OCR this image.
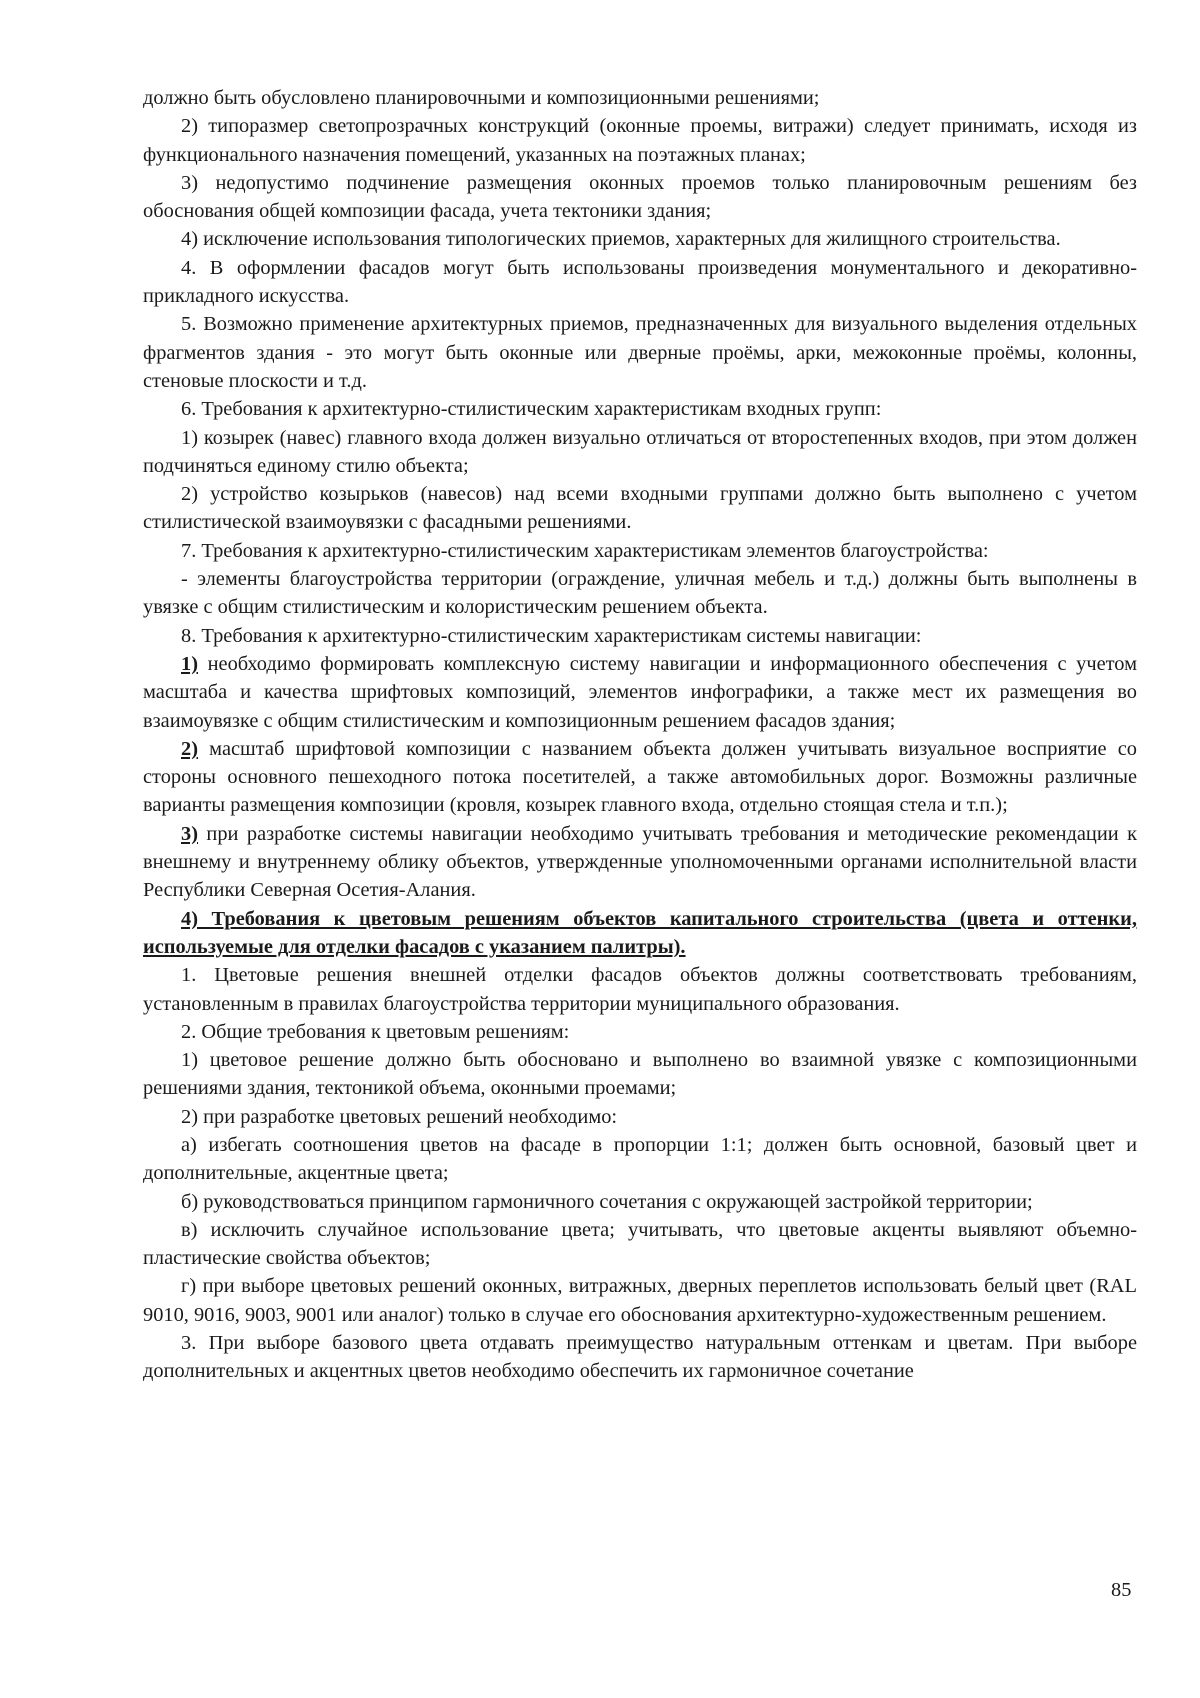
должно быть обусловлено планировочными и композиционными решениями;

2) типоразмер светопрозрачных конструкций (оконные проемы, витражи) следует принимать, исходя из функционального назначения помещений, указанных на поэтажных планах;

3) недопустимо подчинение размещения оконных проемов только планировочным решениям без обоснования общей композиции фасада, учета тектоники здания;

4) исключение использования типологических приемов, характерных для жилищного строительства.

4. В оформлении фасадов могут быть использованы произведения монументального и декоративно-прикладного искусства.

5. Возможно применение архитектурных приемов, предназначенных для визуального выделения отдельных фрагментов здания - это могут быть оконные или дверные проёмы, арки, межоконные проёмы, колонны, стеновые плоскости и т.д.

6. Требования к архитектурно-стилистическим характеристикам входных групп:

1) козырек (навес) главного входа должен визуально отличаться от второстепенных входов, при этом должен подчиняться единому стилю объекта;

2) устройство козырьков (навесов) над всеми входными группами должно быть выполнено с учетом стилистической взаимоувязки с фасадными решениями.

7. Требования к архитектурно-стилистическим характеристикам элементов благоустройства:

- элементы благоустройства территории (ограждение, уличная мебель и т.д.) должны быть выполнены в увязке с общим стилистическим и колористическим решением объекта.

8. Требования к архитектурно-стилистическим характеристикам системы навигации:

1) необходимо формировать комплексную систему навигации и информационного обеспечения с учетом масштаба и качества шрифтовых композиций, элементов инфографики, а также мест их размещения во взаимоувязке с общим стилистическим и композиционным решением фасадов здания;

2) масштаб шрифтовой композиции с названием объекта должен учитывать визуальное восприятие со стороны основного пешеходного потока посетителей, а также автомобильных дорог. Возможны различные варианты размещения композиции (кровля, козырек главного входа, отдельно стоящая стела и т.п.);

3) при разработке системы навигации необходимо учитывать требования и методические рекомендации к внешнему и внутреннему облику объектов, утвержденные уполномоченными органами исполнительной власти Республики Северная Осетия-Алания.

4) Требования к цветовым решениям объектов капитального строительства (цвета и оттенки, используемые для отделки фасадов с указанием палитры).

1. Цветовые решения внешней отделки фасадов объектов должны соответствовать требованиям, установленным в правилах благоустройства территории муниципального образования.

2. Общие требования к цветовым решениям:

1) цветовое решение должно быть обосновано и выполнено во взаимной увязке с композиционными решениями здания, тектоникой объема, оконными проемами;

2) при разработке цветовых решений необходимо:

а) избегать соотношения цветов на фасаде в пропорции 1:1; должен быть основной, базовый цвет и дополнительные, акцентные цвета;

б) руководствоваться принципом гармоничного сочетания с окружающей застройкой территории;

в) исключить случайное использование цвета; учитывать, что цветовые акценты выявляют объемно-пластические свойства объектов;

г) при выборе цветовых решений оконных, витражных, дверных переплетов использовать белый цвет (RAL 9010, 9016, 9003, 9001 или аналог) только в случае его обоснования архитектурно-художественным решением.

3. При выборе базового цвета отдавать преимущество натуральным оттенкам и цветам. При выборе дополнительных и акцентных цветов необходимо обеспечить их гармоничное сочетание

85
